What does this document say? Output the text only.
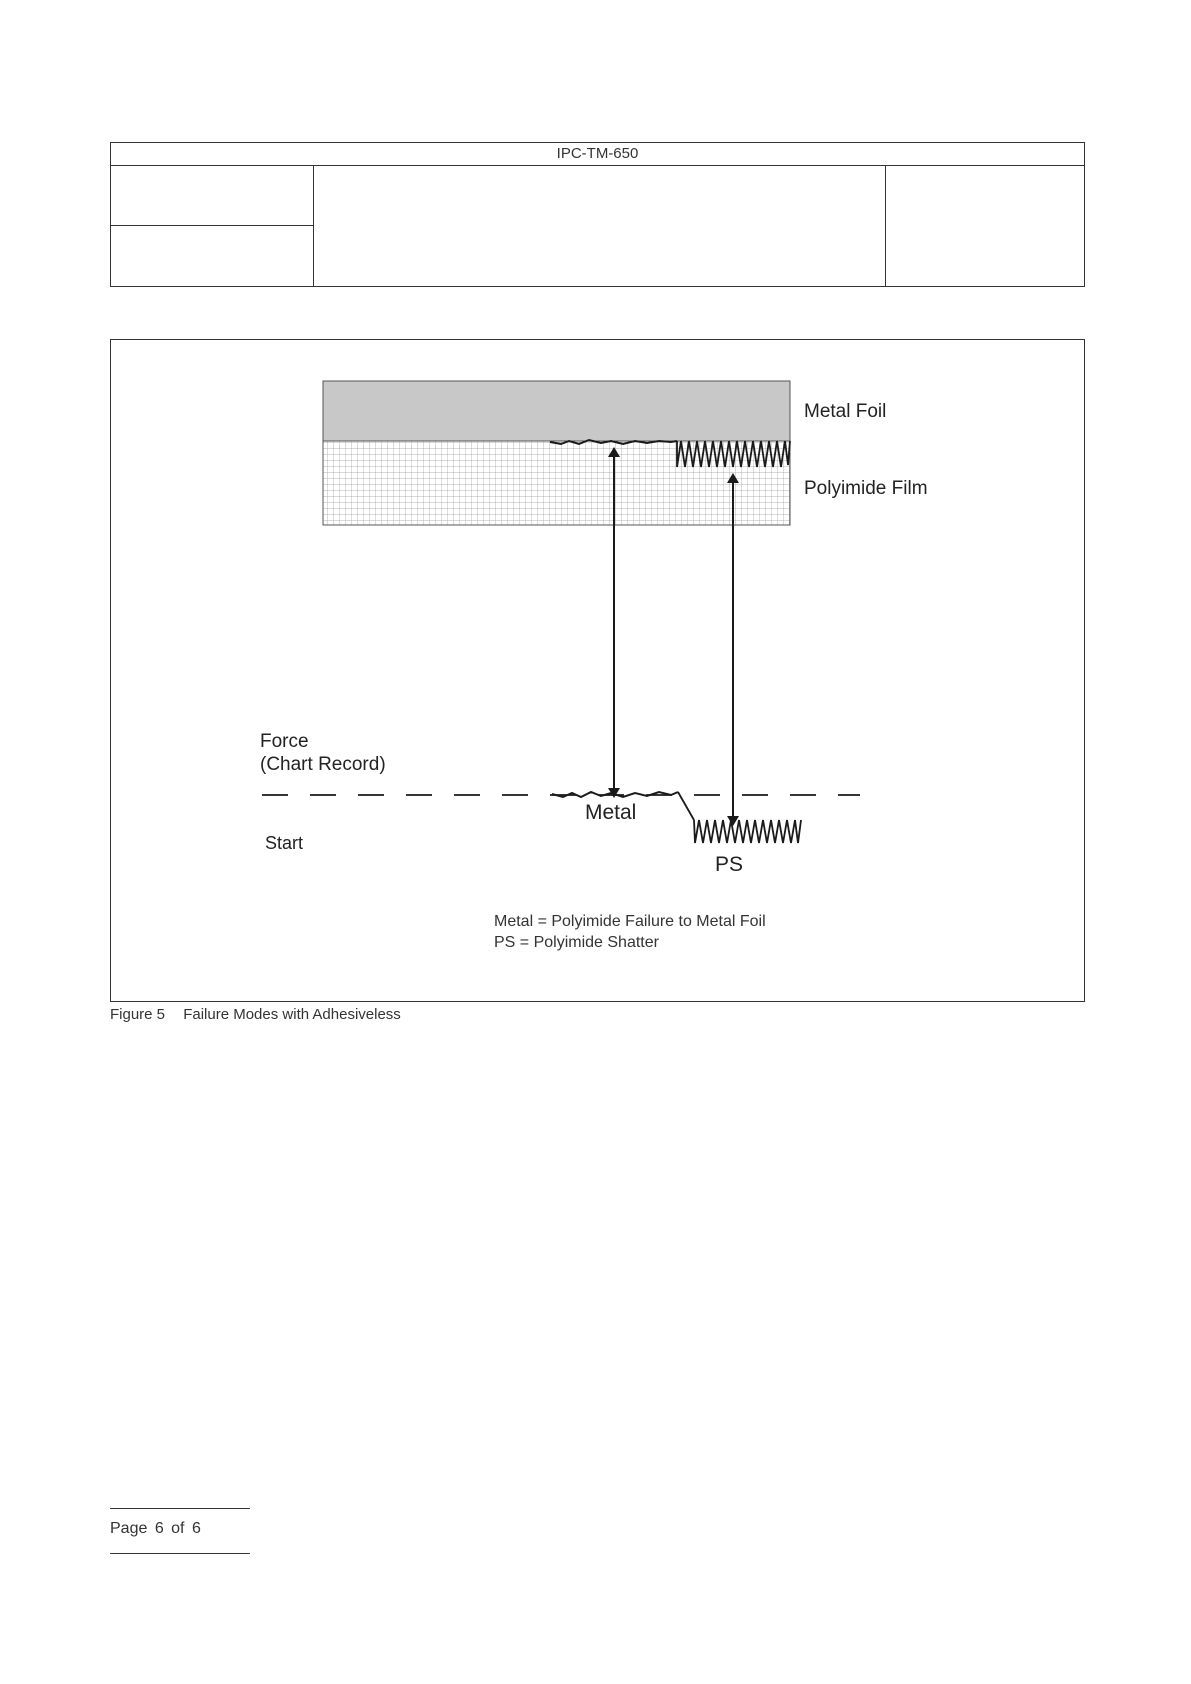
IPC-TM-650
Metal Foil
Polyimide Film
Force
(Chart Record)
Start
Metal
PS
Metal = Polyimide Failure to Metal Foil
PS = Polyimide Shatter
Figure 5 Failure Modes with Adhesiveless
Page 6 of 6
